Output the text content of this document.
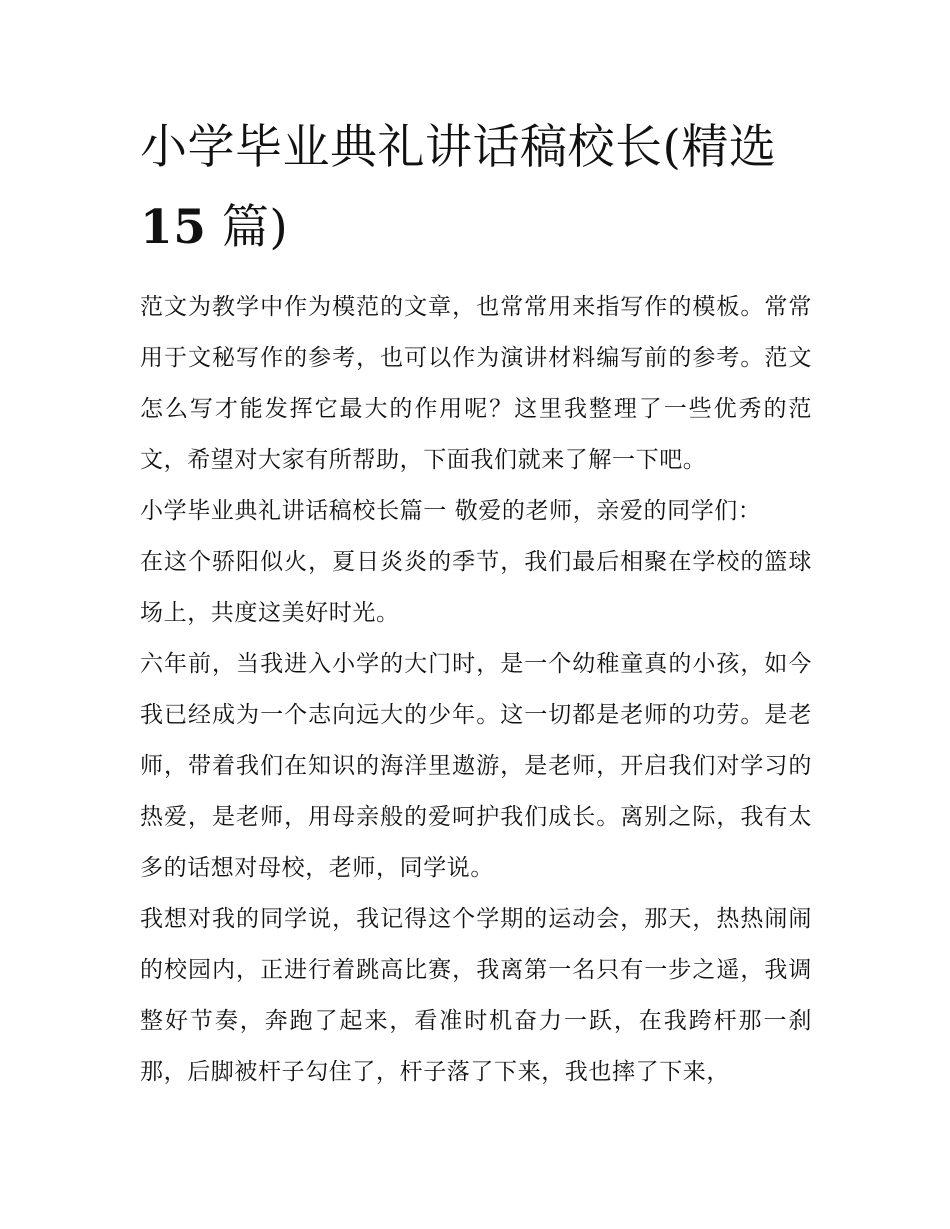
小学毕业典礼讲话稿校长(精选
15 篇)

范文为教学中作为模范的文章，也常常用来指写作的模板。常常用于文秘写作的参考，也可以作为演讲材料编写前的参考。范文怎么写才能发挥它最大的作用呢？这里我整理了一些优秀的范文，希望对大家有所帮助，下面我们就来了解一下吧。

小学毕业典礼讲话稿校长篇一 敬爱的老师，亲爱的同学们：

在这个骄阳似火，夏日炎炎的季节，我们最后相聚在学校的篮球场上，共度这美好时光。

六年前，当我进入小学的大门时，是一个幼稚童真的小孩，如今我已经成为一个志向远大的少年。这一切都是老师的功劳。是老师，带着我们在知识的海洋里遨游，是老师，开启我们对学习的热爱，是老师，用母亲般的爱呵护我们成长。离别之际，我有太多的话想对母校，老师，同学说。

我想对我的同学说，我记得这个学期的运动会，那天，热热闹闹的校园内，正进行着跳高比赛，我离第一名只有一步之遥，我调整好节奏，奔跑了起来，看准时机奋力一跃，在我跨杆那一刹那，后脚被杆子勾住了，杆子落了下来，我也摔了下来，
